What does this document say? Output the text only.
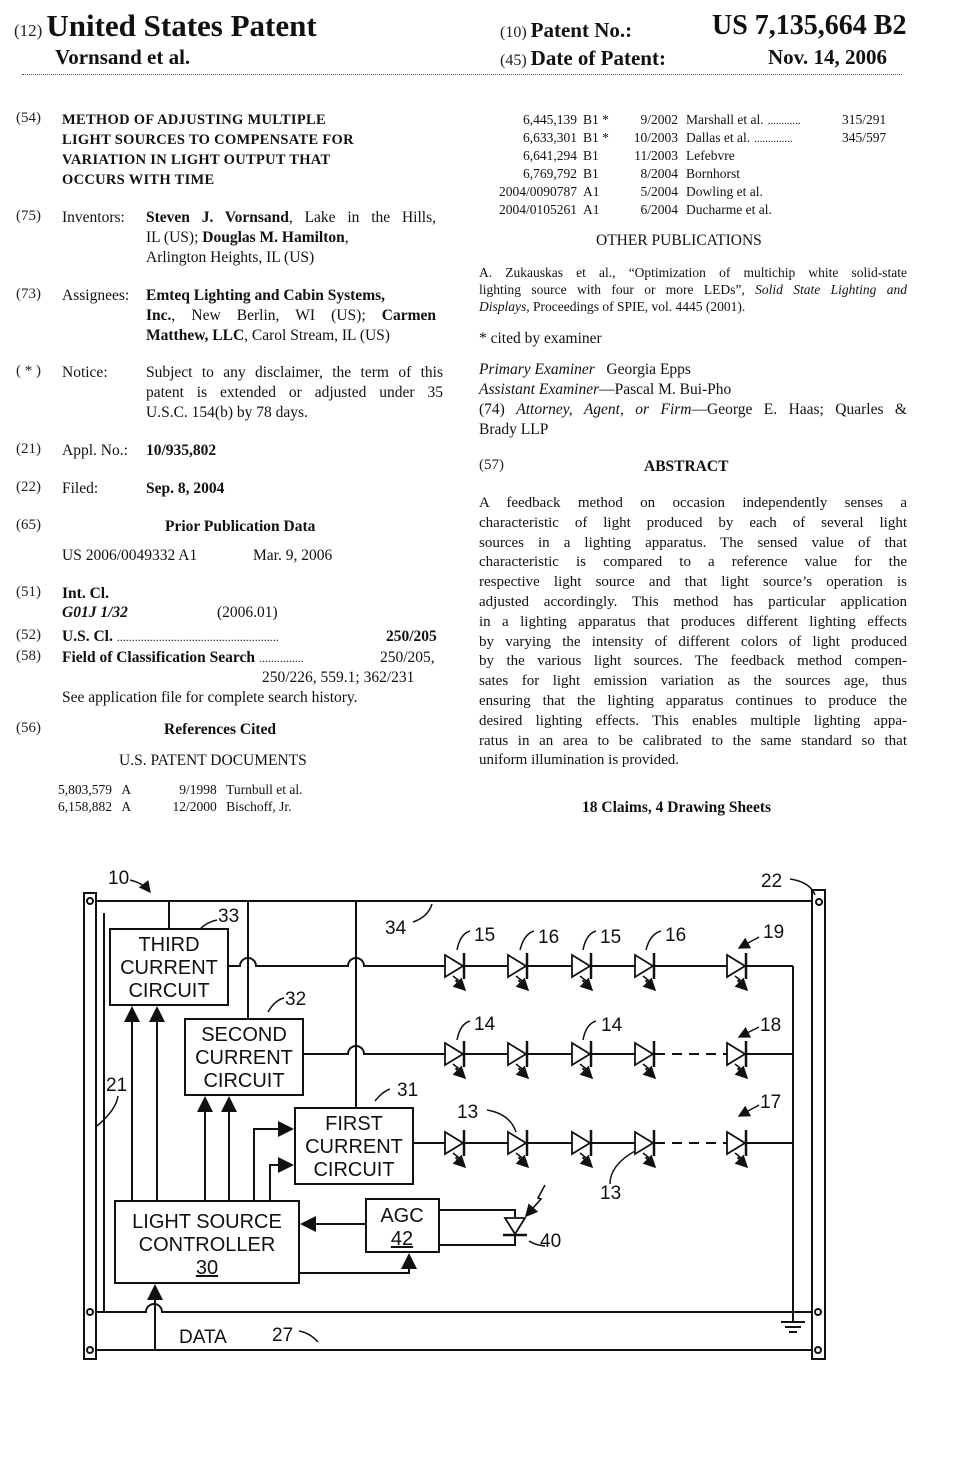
(12) United States Patent
Vornsand et al.
(10) Patent No.:	US 7,135,664 B2
(45) Date of Patent:	Nov. 14, 2006
(54) METHOD OF ADJUSTING MULTIPLE
LIGHT SOURCES TO COMPENSATE FOR
VARIATION IN LIGHT OUTPUT THAT
OCCURS WITH TIME
(75) Inventors: Steven J. Vornsand, Lake in the Hills,
IL (US); Douglas M. Hamilton,
Arlington Heights, IL (US)
(73) Assignees: Emteq Lighting and Cabin Systems,
Inc., New Berlin, WI (US); Carmen
Matthew, LLC, Carol Stream, IL (US)
( * ) Notice: Subject to any disclaimer, the term of this
patent is extended or adjusted under 35
U.S.C. 154(b) by 78 days.
(21) Appl. No.: 10/935,802
(22) Filed:	Sep. 8, 2004
(65)	Prior Publication Data
US 2006/0049332 A1	Mar. 9, 2006
(51) Int. Cl.
G01J 1/32	(2006.01)
(52) U.S. Cl. ......................................................	250/205
(58) Field of Classification Search ...............	250/205,
250/226, 559.1; 362/231
See application file for complete search history.
(56)	References Cited
U.S. PATENT DOCUMENTS
5,803,579 A	9/1998 Turnbull et al.
6,158,882 A	12/2000 Bischoff, Jr.
6,445,139 B1 * 9/2002 Marshall et al. ............	315/291
6,633,301 B1 * 10/2003 Dallas et al. ..............	345/597
6,641,294 B1	11/2003 Lefebvre
6,769,792 B1	8/2004 Bornhorst
2004/0090787 A1	5/2004 Dowling et al.
2004/0105261 A1	6/2004 Ducharme et al.
OTHER PUBLICATIONS
A. Zukauskas et al., “Optimization of multichip white solid-state
lighting source with four or more LEDs”, Solid State Lighting and
Displays, Proceedings of SPIE, vol. 4445 (2001).
* cited by examiner
Primary Examiner Georgia Epps
Assistant Examiner—Pascal M. Bui-Pho
(74) Attorney, Agent, or Firm—George E. Haas; Quarles &
Brady LLP
(57)	ABSTRACT
A feedback method on occasion independently senses a
characteristic of light produced by each of several light
sources in a lighting apparatus. The sensed value of that
characteristic is compared to a reference value for the
respective light source and that light source’s operation is
adjusted accordingly. This method has particular application
in a lighting apparatus that produces different lighting effects
by varying the intensity of different colors of light produced
by the various light sources. The feedback method compen-
sates for light emission variation as the sources age, thus
ensuring that the lighting apparatus continues to produce the
desired lighting effects. This enables multiple lighting appa-
ratus in an area to be calibrated to the same standard so that
uniform illumination is provided.
18 Claims, 4 Drawing Sheets
10	22
34
33
32
31
21
27
DATA
40
15 16 15 16	19
14	14	18
13
13
17
THIRD
CURRENT
CIRCUIT
SECOND
CURRENT
CIRCUIT
FIRST
CURRENT
CIRCUIT
LIGHT SOURCE
CONTROLLER
30
AGC
42
